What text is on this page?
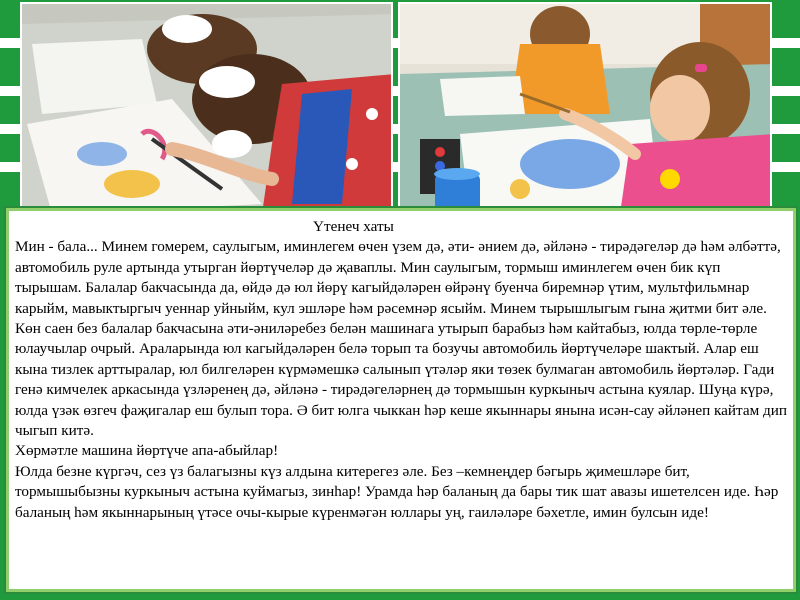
Үтенеч хаты

Мин - бала... Минем гомерем, саулыгым, иминлегем өчен үзем дә, әти- әнием дә, әйләнә - тирәдәгеләр дә һәм әлбәттә, автомобиль руле артында утырган йөртүчеләр дә җаваплы. Мин саулыгым, тормыш иминлегем өчен бик күп тырышам. Балалар бакчасында да, өйдә дә юл йөрү кагыйдәләрен өйрәнү буенча биремнәр үтим, мультфильмнар карыйм, мавыктыргыч уеннар уйныйм, кул эшләре һәм рәсемнәр ясыйм. Минем тырышлыгым гына җитми бит әле. Көн саен без балалар бакчасына әти-әниләребез белән машинага утырып барабыз һәм кайтабыз, юлда төрле-төрле юлаучылар очрый. Араларында юл кагыйдәләрен белә торып та бозучы автомобиль йөртүчеләре шактый. Алар еш кына тизлек арттыралар, юл билгеләрен күрмәмешкә салынып үтәләр яки төзек булмаган автомобиль йөртәләр. Гади генә кимчелек аркасында үзләренең дә, әйләнә - тирәдәгеләрнең дә тормышын куркыныч астына куялар. Шуңа күрә, юлда үзәк өзгеч фаҗигалар еш булып тора. Ә бит юлга чыккан һәр кеше якыннары янына исән-сау әйләнеп кайтам дип чыгып китә.

Хөрмәтле машина йөртүче апа-абыйлар!

Юлда безне күргәч, сез үз балагызны күз алдына китерегез әле. Без –кемнеңдер бәгырь җимешләре бит, тормышыбызны куркыныч астына куймагыз, зинһар! Урамда һәр баланың да бары тик шат авазы ишетелсен иде. Һәр баланың һәм якыннарының үтәсе очы-кырые күренмәгән юллары уң, гаиләләре бәхетле, имин булсын иде!
